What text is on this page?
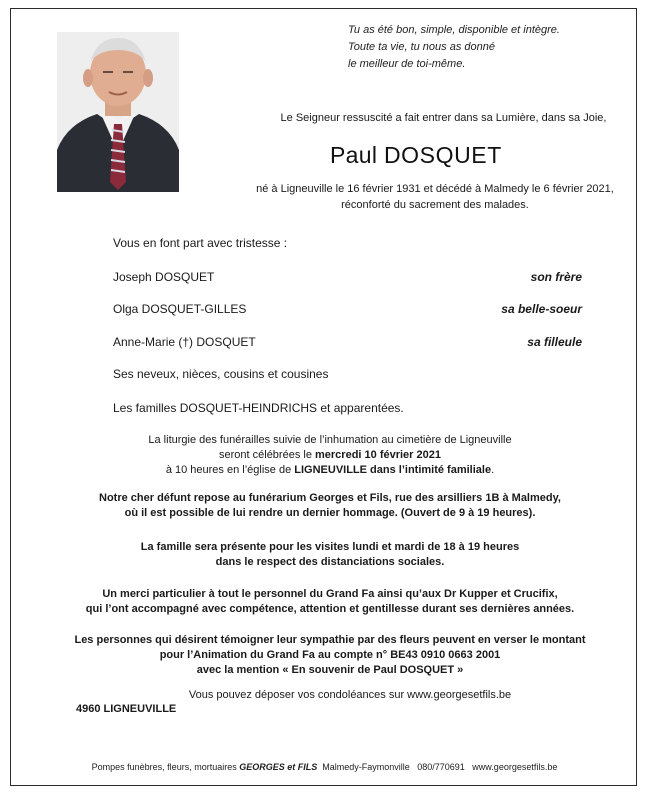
Tu as été bon, simple, disponible et intègre.
Toute ta vie, tu nous as donné
le meilleur de toi-même.
Le Seigneur ressuscité a fait entrer dans sa Lumière, dans sa Joie,
Paul DOSQUET
né à Ligneuville le 16 février 1931 et décédé à Malmedy le 6 février 2021,
réconforté du sacrement des malades.
Vous en font part avec tristesse :
Joseph DOSQUET	son frère
Olga DOSQUET-GILLES	sa belle-soeur
Anne-Marie (†) DOSQUET	sa filleule
Ses neveux, nièces, cousins et cousines
Les familles DOSQUET-HEINDRICHS et apparentées.
La liturgie des funérailles suivie de l’inhumation au cimetière de Ligneuville
seront célébrées le mercredi 10 février 2021
à 10 heures en l’église de LIGNEUVILLE dans l’intimité familiale.
Notre cher défunt repose au funérarium Georges et Fils, rue des arsilliers 1B à Malmedy,
où il est possible de lui rendre un dernier hommage. (Ouvert de 9 à 19 heures).
La famille sera présente pour les visites lundi et mardi de 18 à 19 heures
dans le respect des distanciations sociales.
Un merci particulier à tout le personnel du Grand Fa ainsi qu’aux Dr Kupper et Crucifix,
qui l’ont accompagné avec compétence, attention et gentillesse durant ses dernières années.
Les personnes qui désirent témoigner leur sympathie par des fleurs peuvent en verser le montant
pour l’Animation du Grand Fa au compte n° BE43 0910 0663 2001
avec la mention « En souvenir de Paul DOSQUET »
Vous pouvez déposer vos condoléances sur www.georgesetfils.be
4960 LIGNEUVILLE
Pompes funèbres, fleurs, mortuaires GEORGES et FILS  Malmedy-Faymonville   080/770691   www.georgesetfils.be
